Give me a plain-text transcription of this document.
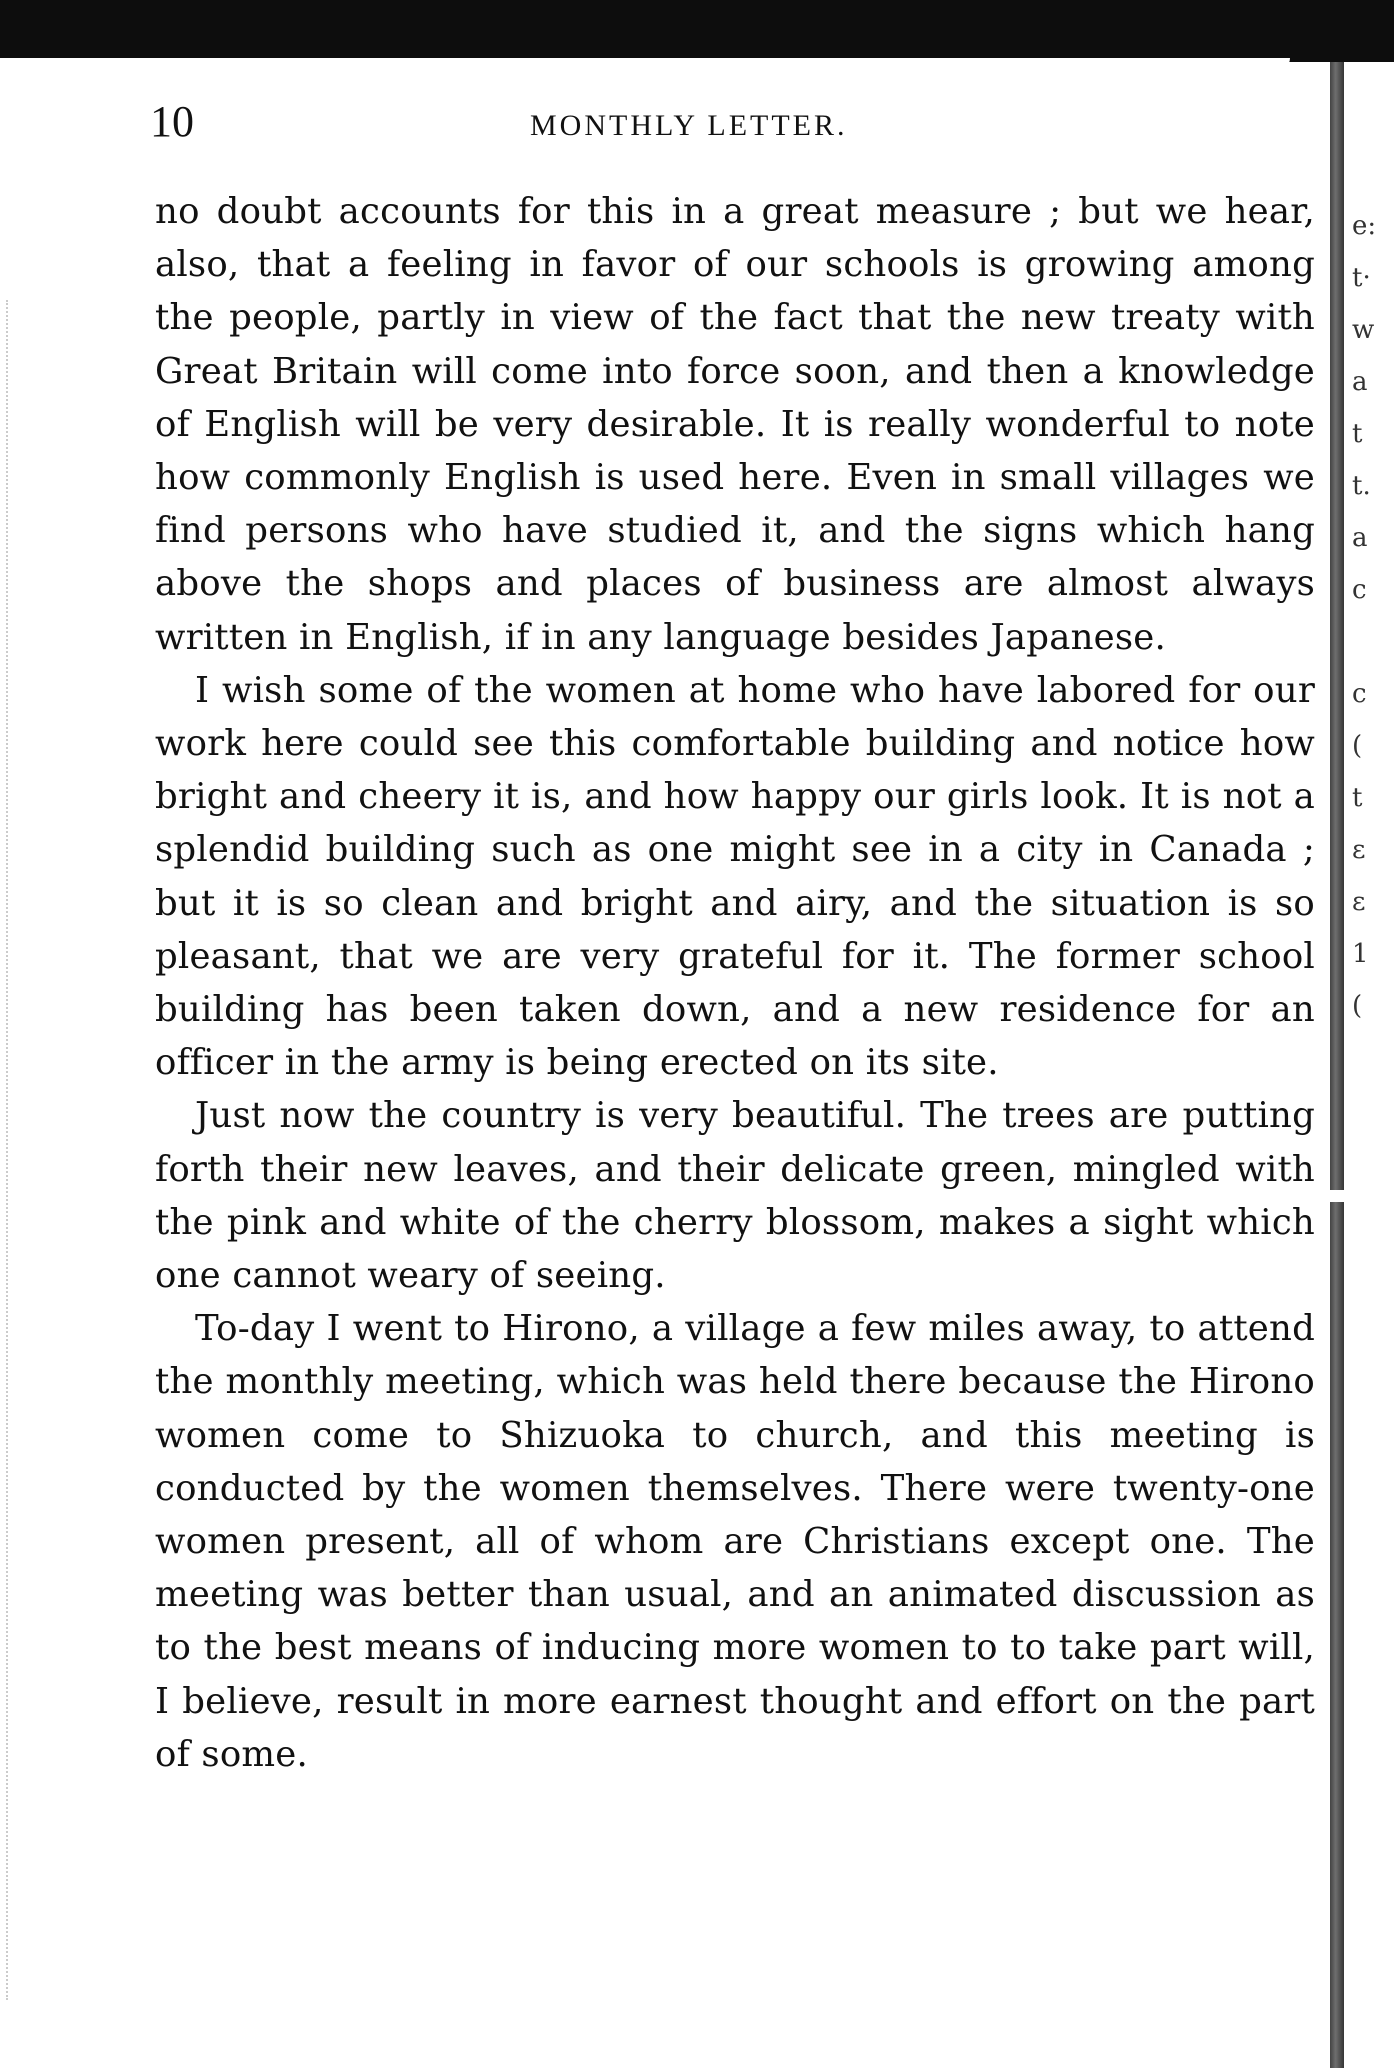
e:
t·
w
a
t
t.
a
c
c
(
t
ε
ɛ
1
(
10	MONTHLY LETTER.

no doubt accounts for this in a great measure ; but we hear, also, that a feeling in favor of our schools is growing among the people, partly in view of the fact that the new treaty with Great Britain will come into force soon, and then a knowledge of English will be very desirable. It is really wonderful to note how commonly English is used here. Even in small villages we find persons who have studied it, and the signs which hang above the shops and places of business are almost always written in English, if in any language besides Japanese.

I wish some of the women at home who have labored for our work here could see this comfortable building and notice how bright and cheery it is, and how happy our girls look. It is not a splendid building such as one might see in a city in Canada ; but it is so clean and bright and airy, and the situation is so pleasant, that we are very grateful for it. The former school building has been taken down, and a new residence for an officer in the army is being erected on its site.

Just now the country is very beautiful. The trees are putting forth their new leaves, and their delicate green, mingled with the pink and white of the cherry blossom, makes a sight which one cannot weary of seeing.

To-day I went to Hirono, a village a few miles away, to attend the monthly meeting, which was held there because the Hirono women come to Shizuoka to church, and this meeting is conducted by the women themselves. There were twenty-one women present, all of whom are Christians except one. The meeting was better than usual, and an animated discussion as to the best means of inducing more women to to take part will, I believe, result in more earnest thought and effort on the part of some.
